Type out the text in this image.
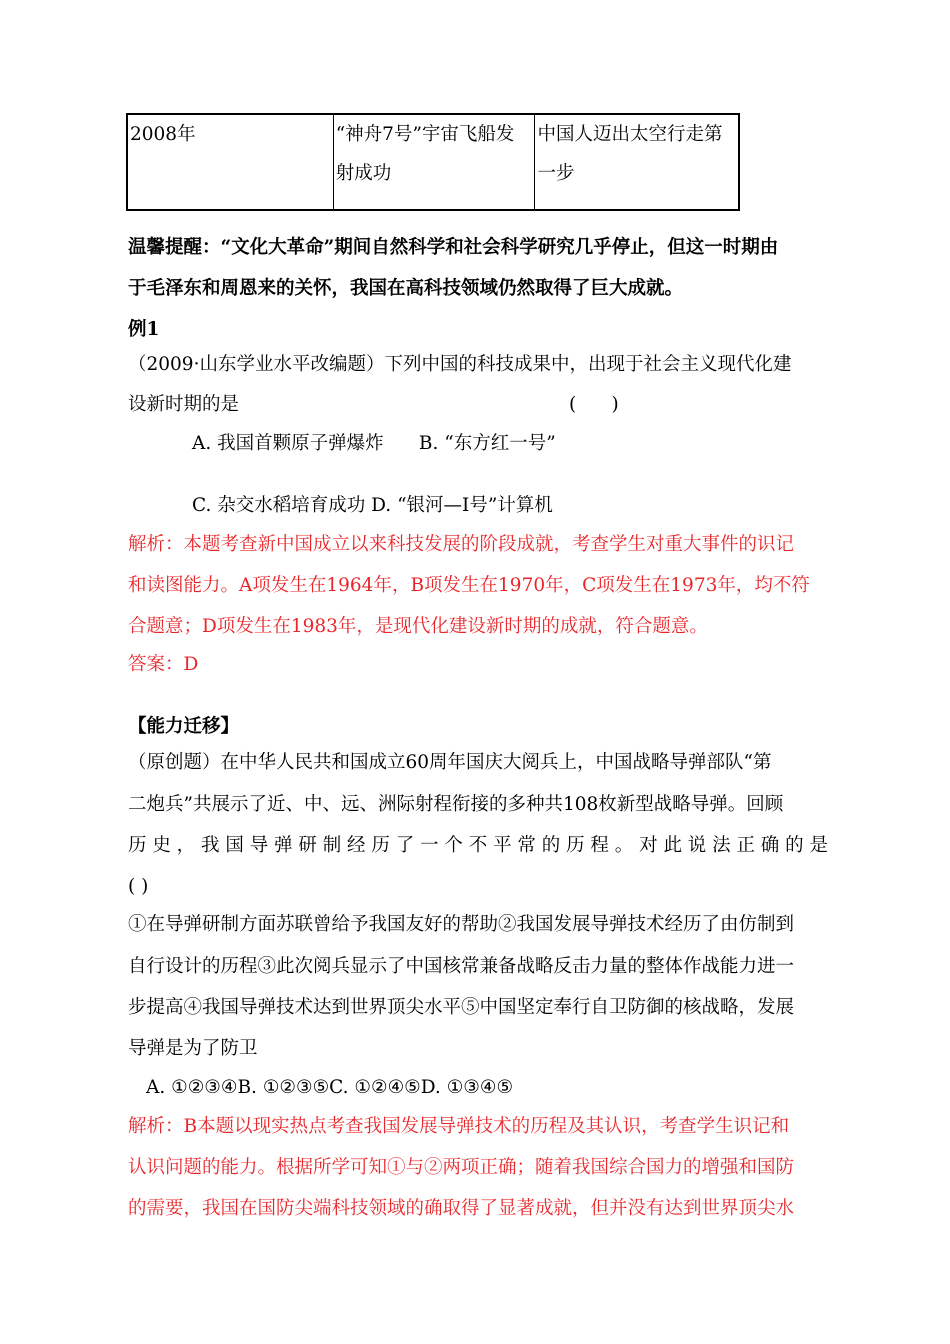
2008年	“神舟7号”宇宙飞船发射成功	中国人迈出太空行走第一步
温馨提醒：“文化大革命”期间自然科学和社会科学研究几乎停止，但这一时期由
于毛泽东和周恩来的关怀，我国在高科技领域仍然取得了巨大成就。
例1
（2009·山东学业水平改编题）下列中国的科技成果中，出现于社会主义现代化建
设新时期的是	(      )
A. 我国首颗原子弹爆炸      B. “东方红一号”
C. 杂交水稻培育成功 D. “银河—I号”计算机
解析：本题考查新中国成立以来科技发展的阶段成就，考查学生对重大事件的识记
和读图能力。A项发生在1964年，B项发生在1970年，C项发生在1973年，均不符
合题意；D项发生在1983年，是现代化建设新时期的成就，符合题意。
答案：D
【能力迁移】
（原创题）在中华人民共和国成立60周年国庆大阅兵上，中国战略导弹部队“第
二炮兵”共展示了近、中、远、洲际射程衔接的多种共108枚新型战略导弹。回顾
历史，我国导弹研制经历了一个不平常的历程。对此说法正确的是
( )
①在导弹研制方面苏联曾给予我国友好的帮助②我国发展导弹技术经历了由仿制到
自行设计的历程③此次阅兵显示了中国核常兼备战略反击力量的整体作战能力进一
步提高④我国导弹技术达到世界顶尖水平⑤中国坚定奉行自卫防御的核战略，发展
导弹是为了防卫
A. ①②③④B. ①②③⑤C. ①②④⑤D. ①③④⑤
解析：B本题以现实热点考查我国发展导弹技术的历程及其认识，考查学生识记和
认识问题的能力。根据所学可知①与②两项正确；随着我国综合国力的增强和国防
的需要，我国在国防尖端科技领域的确取得了显著成就，但并没有达到世界顶尖水
